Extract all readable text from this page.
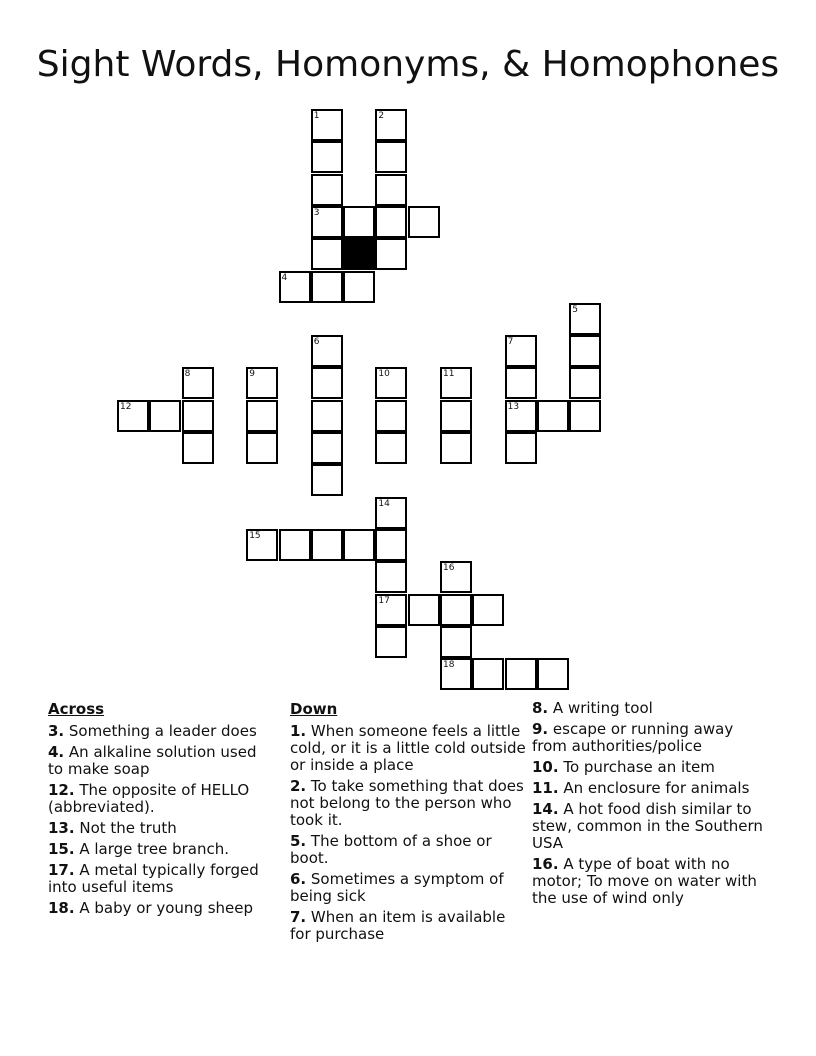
Sight Words, Homonyms, & Homophones
1	2
3
4
5
6	7
8	9	10	11
12	13
14
15
16
17
18
Across
3. Something a leader does
4. An alkaline solution used to make soap
12. The opposite of HELLO (abbreviated).
13. Not the truth
15. A large tree branch.
17. A metal typically forged into useful items
18. A baby or young sheep
Down
1. When someone feels a little cold, or it is a little cold outside or inside a place
2. To take something that does not belong to the person who took it.
5. The bottom of a shoe or boot.
6. Sometimes a symptom of being sick
7. When an item is available for purchase
8. A writing tool
9. escape or running away from authorities/police
10. To purchase an item
11. An enclosure for animals
14. A hot food dish similar to stew, common in the Southern USA
16. A type of boat with no motor; To move on water with the use of wind only
